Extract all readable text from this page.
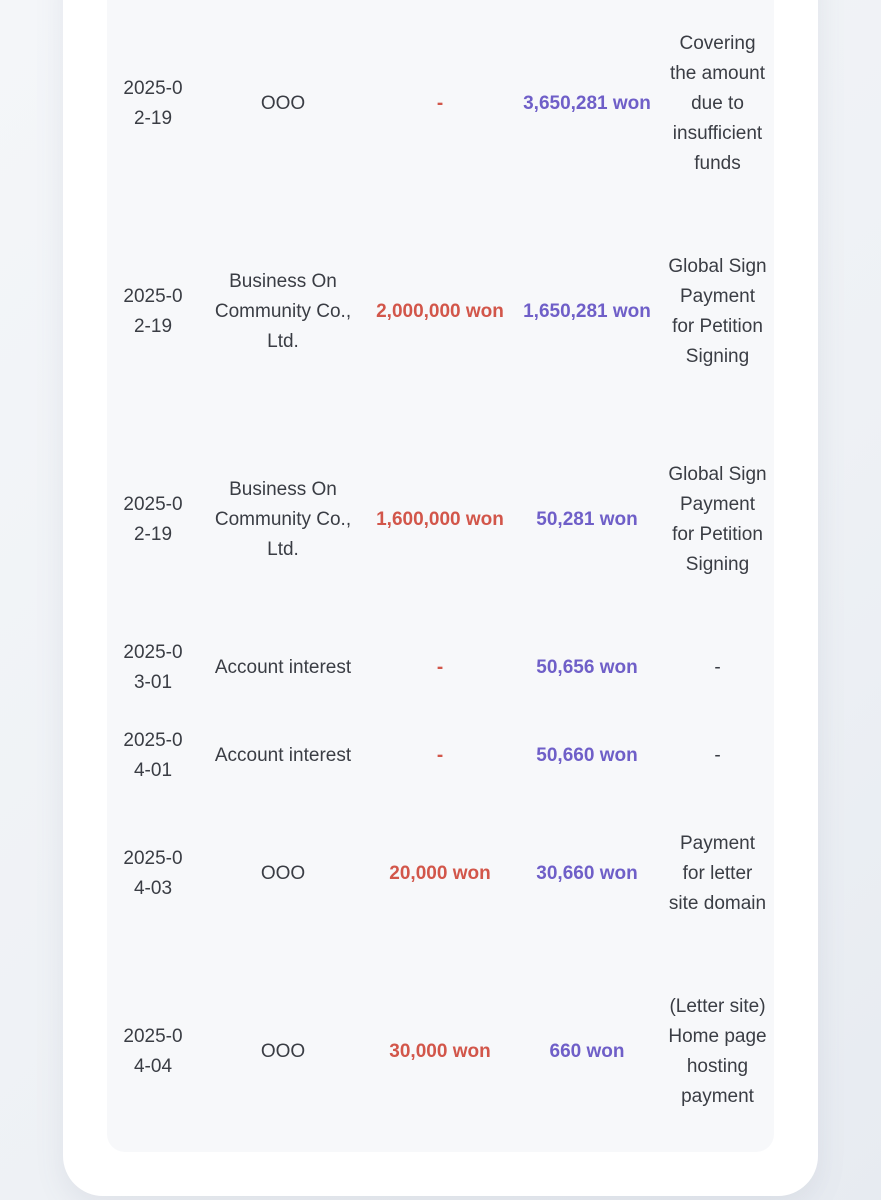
2025-02-19	OOO	-	3,650,281 won	Covering the amount due to insufficient funds
2025-02-19	Business On Community Co., Ltd.	2,000,000 won	1,650,281 won	Global Sign Payment for Petition Signing
2025-02-19	Business On Community Co., Ltd.	1,600,000 won	50,281 won	Global Sign Payment for Petition Signing
2025-03-01	Account interest	-	50,656 won	-
2025-04-01	Account interest	-	50,660 won	-
2025-04-03	OOO	20,000 won	30,660 won	Payment for letter site domain
2025-04-04	OOO	30,000 won	660 won	(Letter site) Home page hosting payment
